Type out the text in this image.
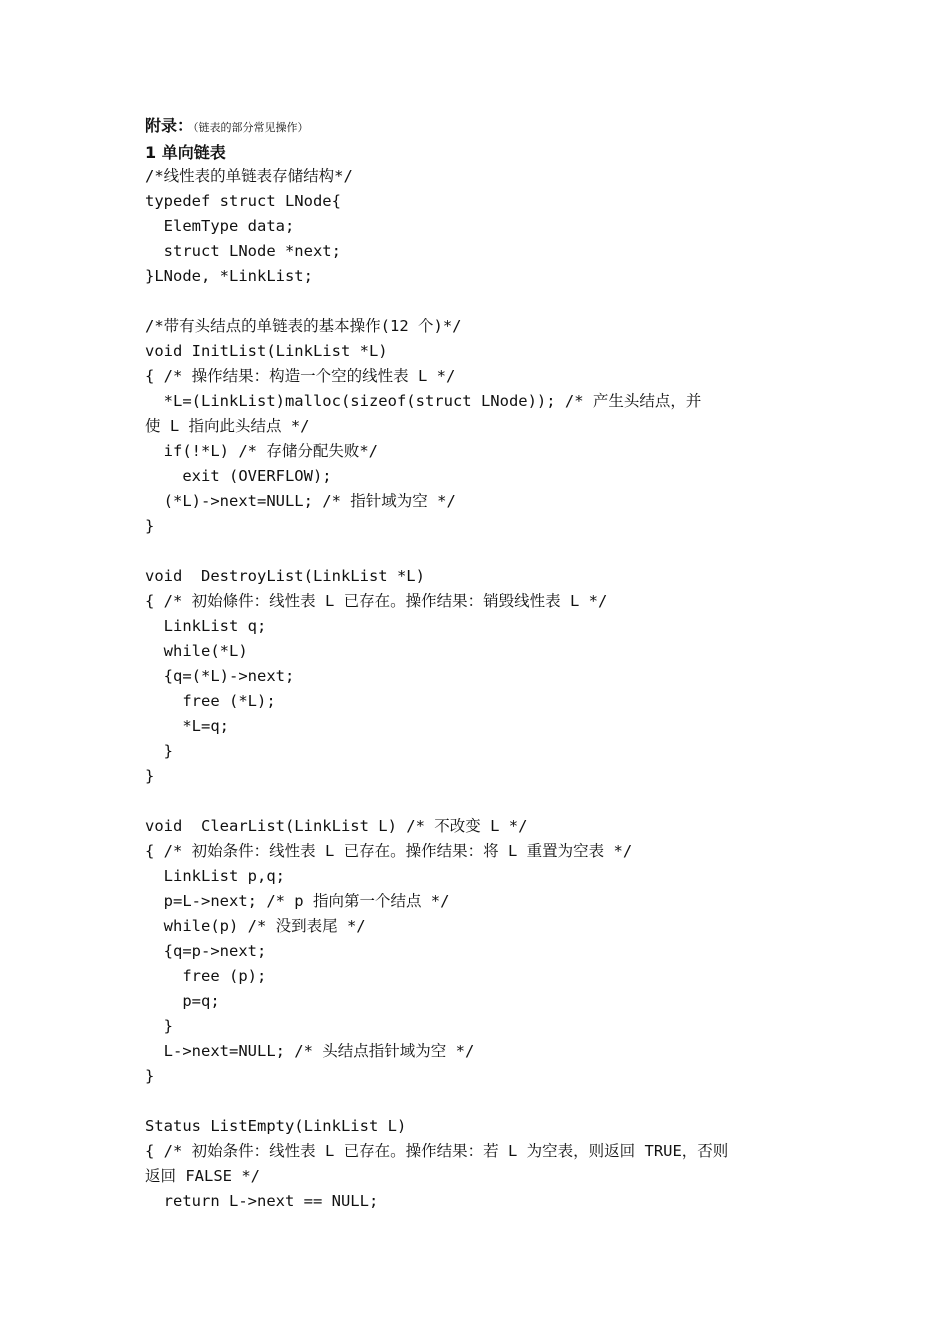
附录：（链表的部分常见操作）
1 单向链表
/*线性表的单链表存储结构*/
typedef struct LNode{
ElemType data;
struct LNode *next;
}LNode, *LinkList;
/*带有头结点的单链表的基本操作(12 个)*/
void InitList(LinkList *L)
{ /* 操作结果：构造一个空的线性表 L */
*L=(LinkList)malloc(sizeof(struct LNode)); /* 产生头结点，并
使 L 指向此头结点 */
if(!*L) /* 存储分配失败*/
exit (OVERFLOW);
(*L)->next=NULL; /* 指针域为空 */
}
void  DestroyList(LinkList *L)
{ /* 初始條件：线性表 L 已存在。操作结果：销毁线性表 L */
LinkList q;
while(*L)
{q=(*L)->next;
free (*L);
*L=q;
}
}
void  ClearList(LinkList L) /* 不改变 L */
{ /* 初始条件：线性表 L 已存在。操作结果：将 L 重置为空表 */
LinkList p,q;
p=L->next; /* p 指向第一个结点 */
while(p) /* 没到表尾 */
{q=p->next;
free (p);
p=q;
}
L->next=NULL; /* 头结点指针域为空 */
}
Status ListEmpty(LinkList L)
{ /* 初始条件：线性表 L 已存在。操作结果：若 L 为空表，则返回 TRUE，否则
返回 FALSE */
return L->next == NULL;
